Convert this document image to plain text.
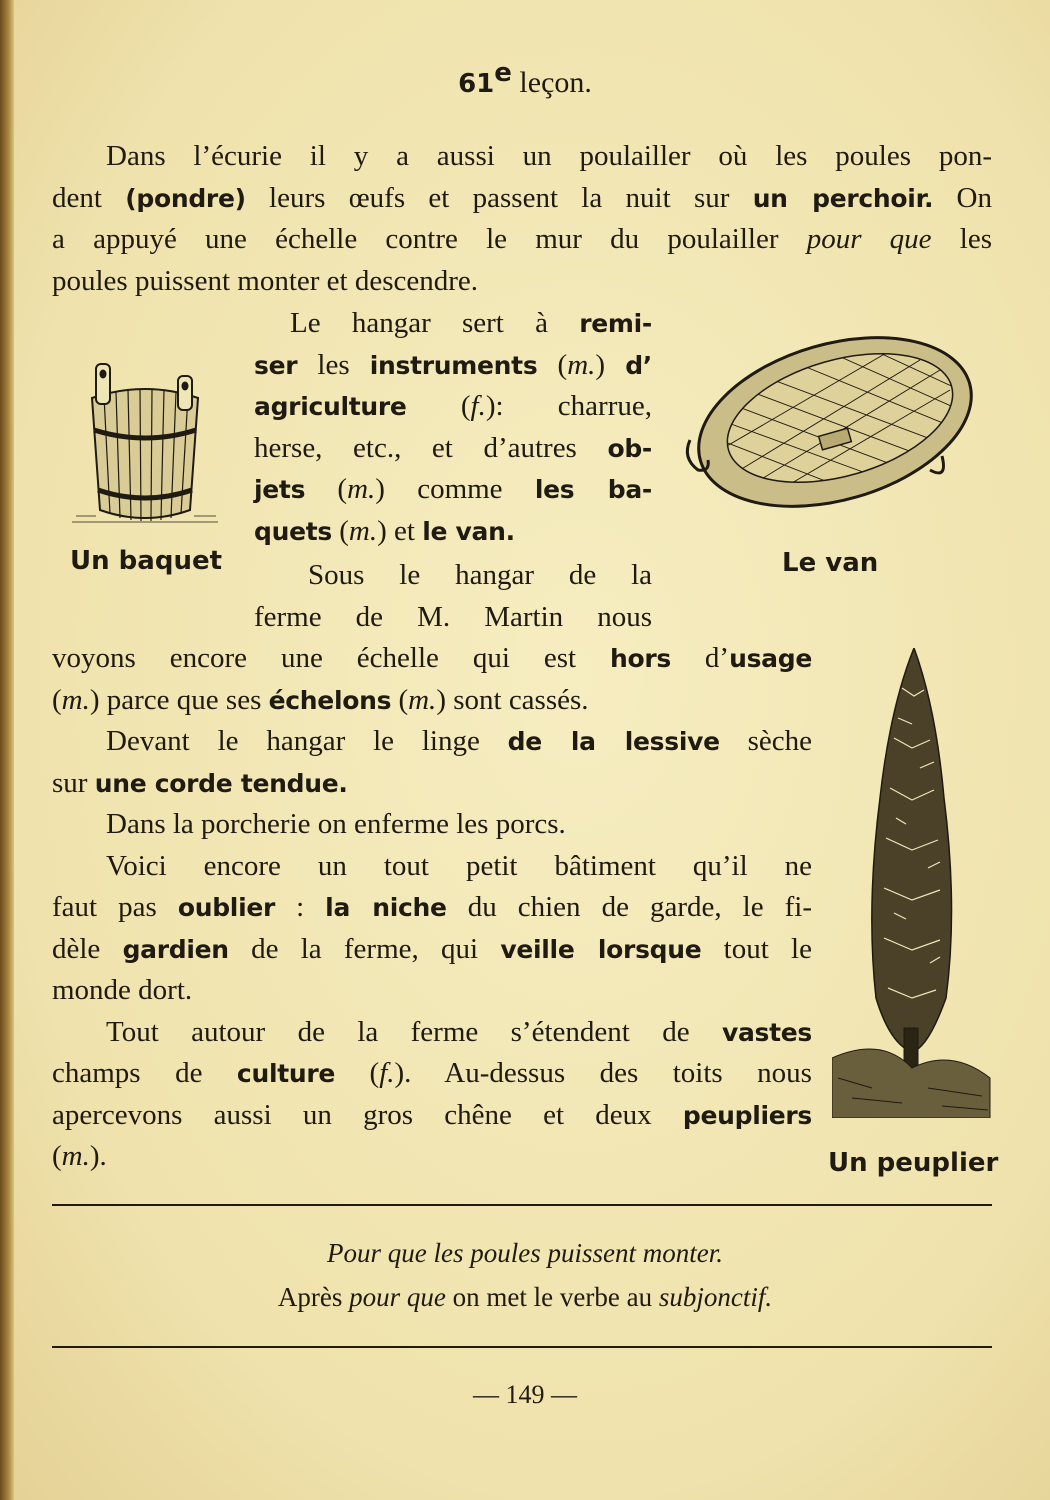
61e leçon.
Dans l’écurie il y a aussi un poulailler où les poules pon-
dent (pondre) leurs œufs et passent la nuit sur un perchoir. On
a appuyé une échelle contre le mur du poulailler pour que les
poules puissent monter et descendre.
Le hangar sert à remi-
ser les instruments (m.) d’
agriculture (f.): charrue,
herse, etc., et d’autres ob-
jets (m.) comme les ba-
quets (m.) et le van.
Sous le hangar de la
ferme de M. Martin nous
voyons encore une échelle qui est hors d’usage
(m.) parce que ses échelons (m.) sont cassés.
Devant le hangar le linge de la lessive sèche
sur une corde tendue.
Dans la porcherie on enferme les porcs.
Voici encore un tout petit bâtiment qu’il ne
faut pas oublier : la niche du chien de garde, le fi-
dèle gardien de la ferme, qui veille lorsque tout le
monde dort.
Tout autour de la ferme s’étendent de vastes
champs de culture (f.). Au-dessus des toits nous
apercevons aussi un gros chêne et deux peupliers
(m.).
Un baquet	Le van
Un peuplier
Pour que les poules puissent monter.
Après pour que on met le verbe au subjonctif.
— 149 —
